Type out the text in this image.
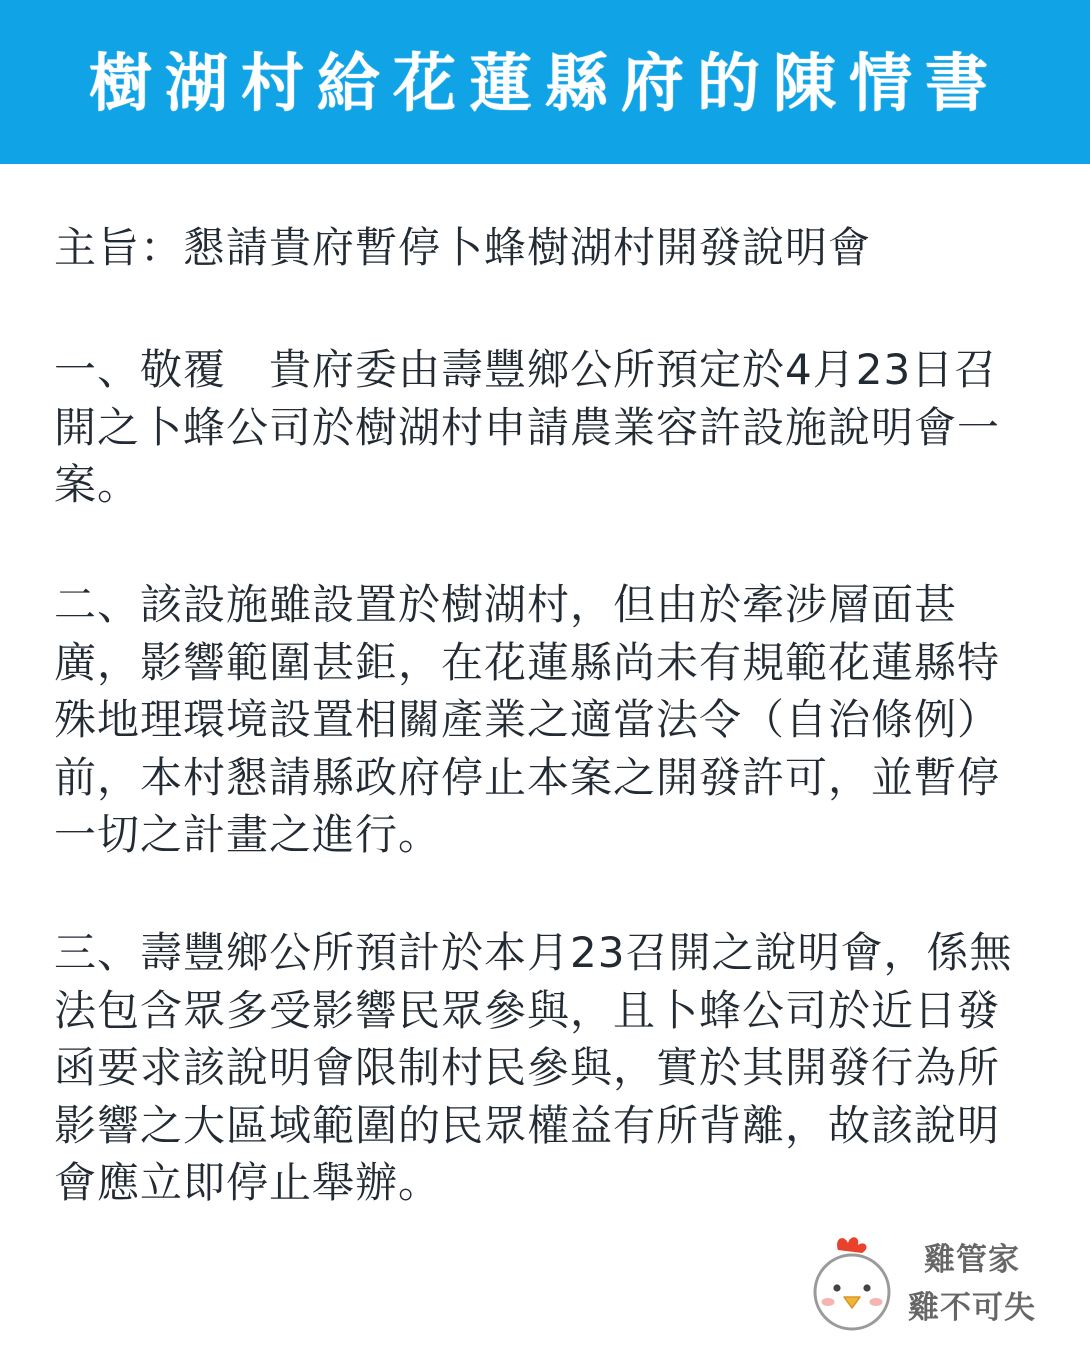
樹湖村給花蓮縣府的陳情書

主旨：懇請貴府暫停卜蜂樹湖村開發說明會

一、敬覆　貴府委由壽豐鄉公所預定於4月23日召開之卜蜂公司於樹湖村申請農業容許設施說明會一案。

二、該設施雖設置於樹湖村，但由於牽涉層面甚廣，影響範圍甚鉅，在花蓮縣尚未有規範花蓮縣特殊地理環境設置相關產業之適當法令（自治條例）前，本村懇請縣政府停止本案之開發許可，並暫停一切之計畫之進行。

三、壽豐鄉公所預計於本月23召開之說明會，係無法包含眾多受影響民眾參與，且卜蜂公司於近日發函要求該說明會限制村民參與，實於其開發行為所影響之大區域範圍的民眾權益有所背離，故該說明會應立即停止舉辦。

雞管家
雞不可失
